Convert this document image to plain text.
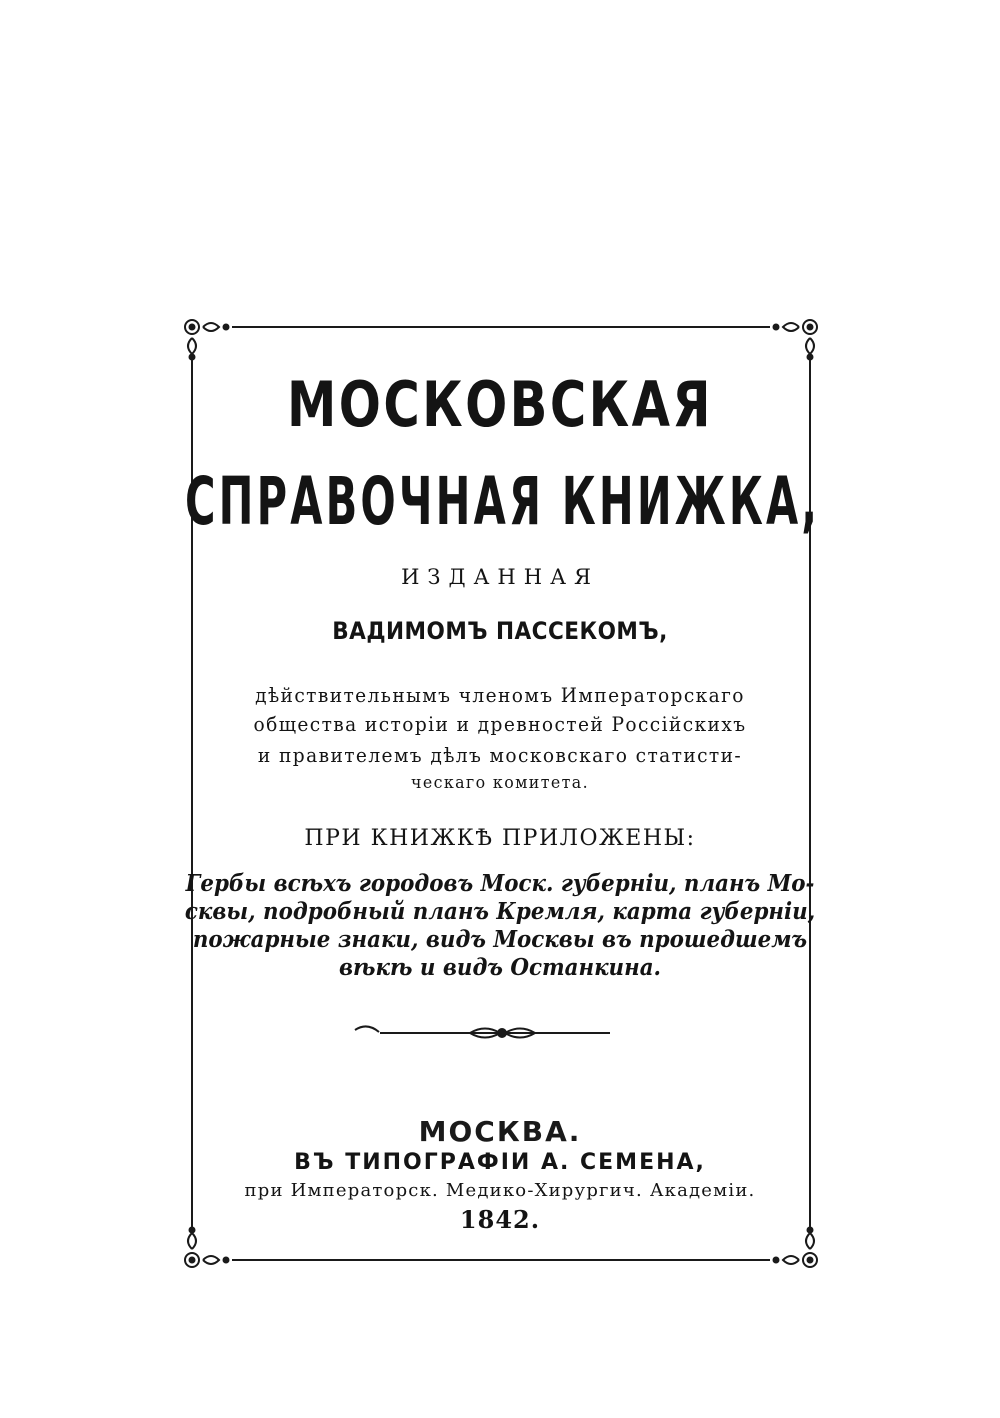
МОСКОВСКАЯ
СПРАВОЧНАЯ КНИЖКА,
ИЗДАННАЯ
ВАДИМОМЪ ПАССЕКОМЪ,
дѣйствительнымъ членомъ Императорскаго
общества исторіи и древностей Россійскихъ
и правителемъ дѣлъ московскаго статисти-
ческаго комитета.
ПРИ КНИЖКѢ ПРИЛОЖЕНЫ:
Гербы всѣхъ городовъ Моск. губерніи, планъ Мо-
сквы, подробный планъ Кремля, карта губерніи,
пожарные знаки, видъ Москвы въ прошедшемъ
вѣкѣ и видъ Останкина.
МОСКВА.
ВЪ ТИПОГРАФІИ А. СЕМЕНА,
при Императорск. Медико-Хирургич. Академіи.
1842.
